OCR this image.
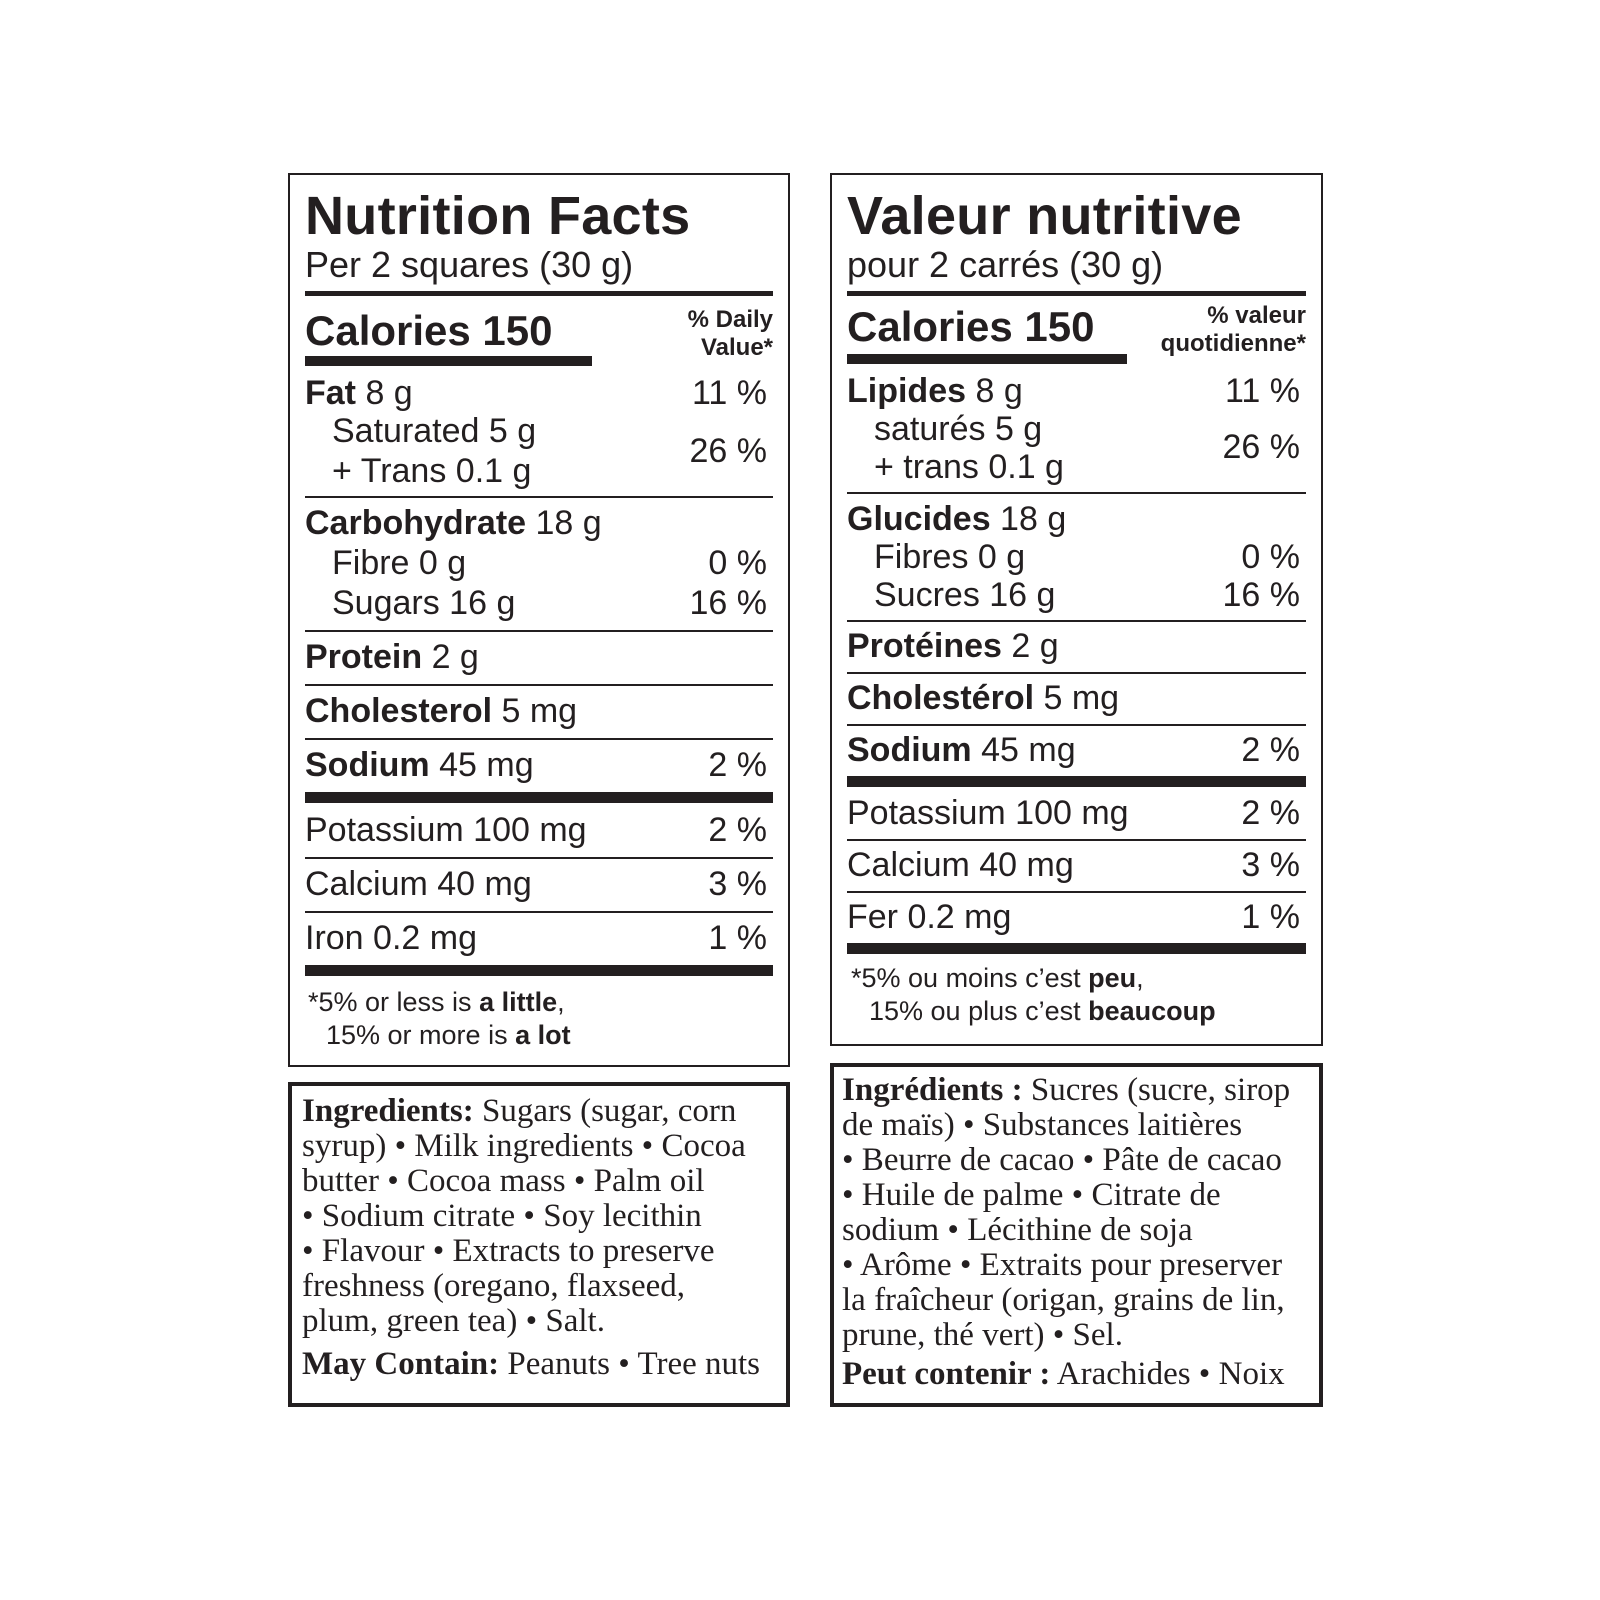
Nutrition Facts
Per 2 squares (30 g)
Calories 150	% Daily
Value*
Fat 8 g	11 %
Saturated 5 g
+ Trans 0.1 g
26 %
Carbohydrate 18 g
Fibre 0 g	0 %
Sugars 16 g	16 %
Protein 2 g
Cholesterol 5 mg
Sodium 45 mg	2 %
Potassium 100 mg	2 %
Calcium 40 mg	3 %
Iron 0.2 mg	1 %
*5% or less is a little,
15% or more is a lot
Valeur nutritive
pour 2 carrés (30 g)
Calories 150	% valeur
quotidienne*
Lipides 8 g	11 %
saturés 5 g
+ trans 0.1 g
26 %
Glucides 18 g
Fibres 0 g	0 %
Sucres 16 g	16 %
Protéines 2 g
Cholestérol 5 mg
Sodium 45 mg	2 %
Potassium 100 mg	2 %
Calcium 40 mg	3 %
Fer 0.2 mg	1 %
*5% ou moins c’est peu,
15% ou plus c’est beaucoup
Ingredients: Sugars (sugar, corn
syrup) • Milk ingredients • Cocoa
butter • Cocoa mass • Palm oil
• Sodium citrate • Soy lecithin
• Flavour • Extracts to preserve
freshness (oregano, flaxseed,
plum, green tea) • Salt.
May Contain: Peanuts • Tree nuts
Ingrédients : Sucres (sucre, sirop
de maïs) • Substances laitières
• Beurre de cacao • Pâte de cacao
• Huile de palme • Citrate de
sodium • Lécithine de soja
• Arôme • Extraits pour preserver
la fraîcheur (origan, grains de lin,
prune, thé vert) • Sel.
Peut contenir : Arachides • Noix
